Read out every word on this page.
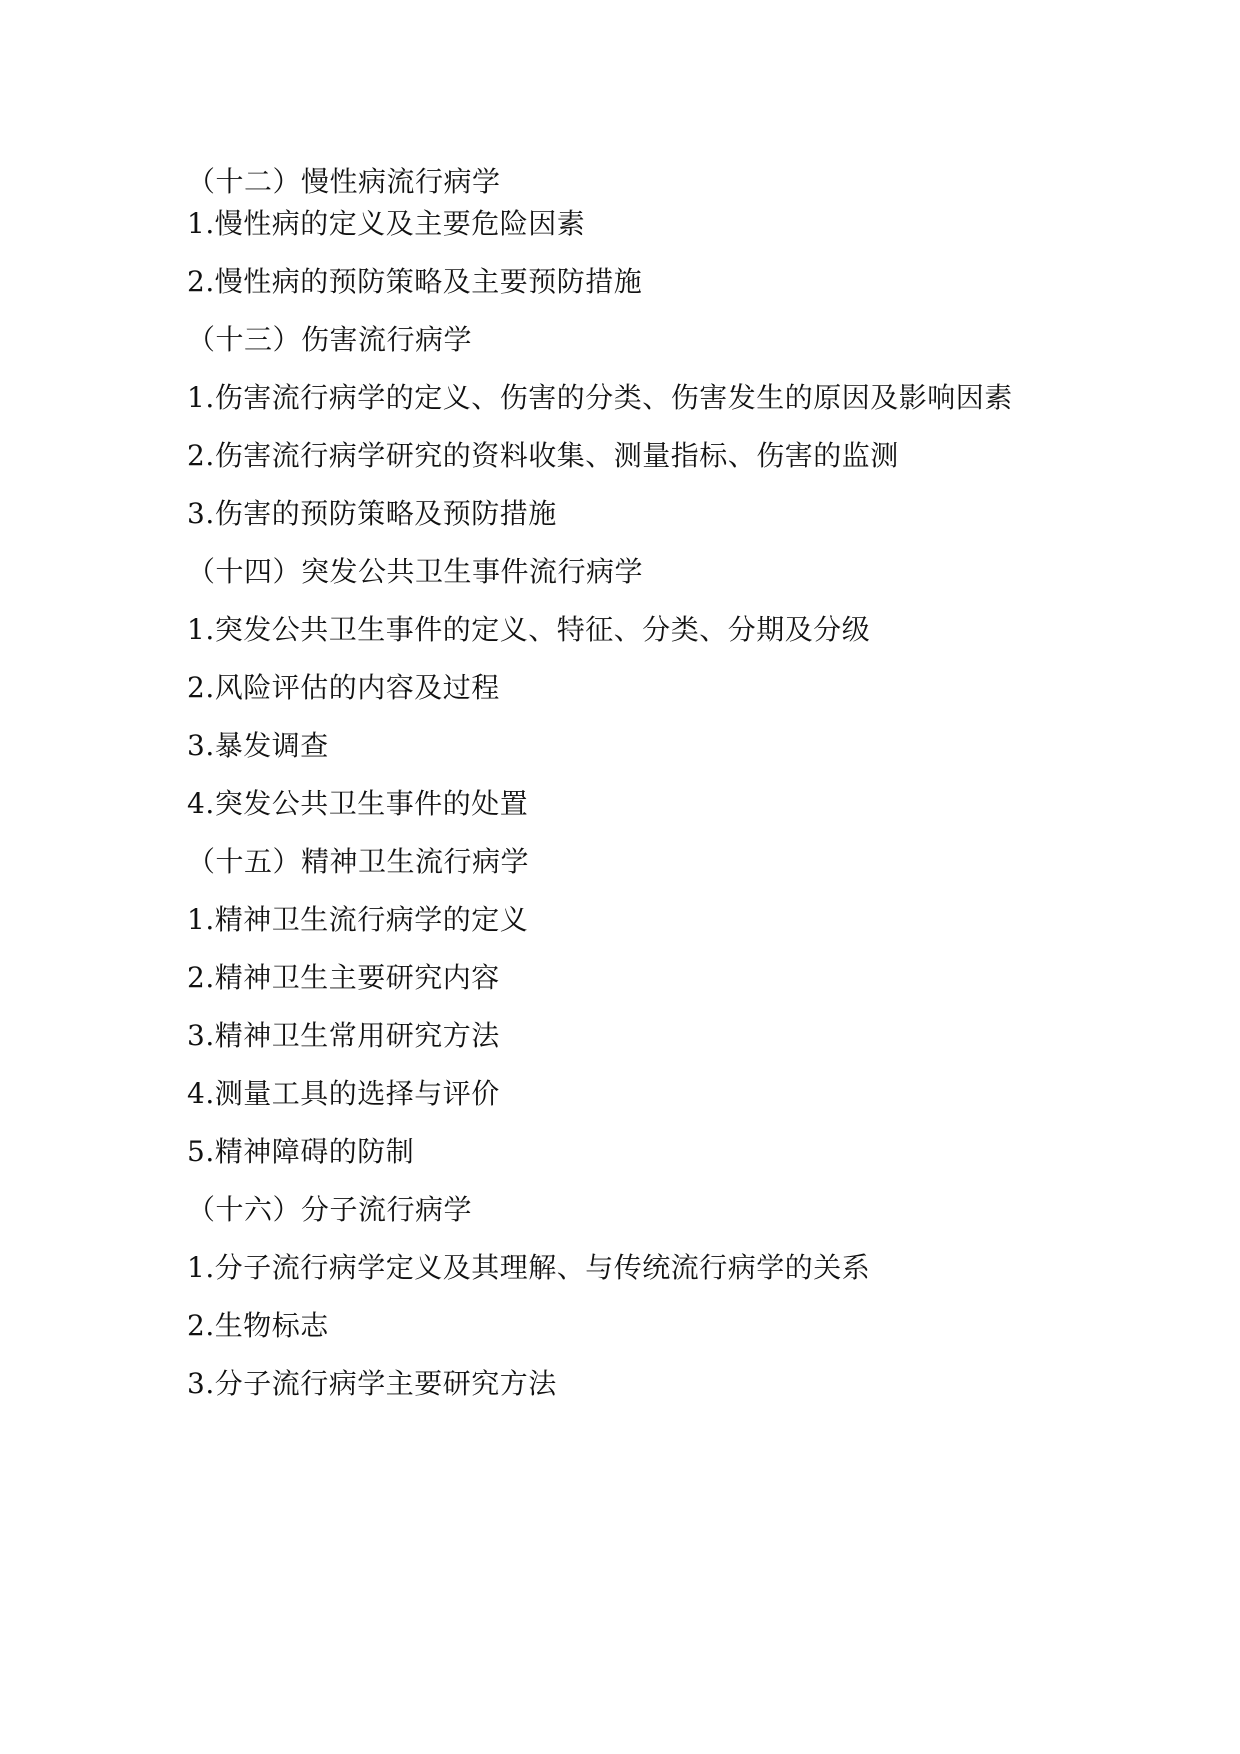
（十二）慢性病流行病学
1.慢性病的定义及主要危险因素
2.慢性病的预防策略及主要预防措施
（十三）伤害流行病学
1.伤害流行病学的定义、伤害的分类、伤害发生的原因及影响因素
2.伤害流行病学研究的资料收集、测量指标、伤害的监测
3.伤害的预防策略及预防措施
（十四）突发公共卫生事件流行病学
1.突发公共卫生事件的定义、特征、分类、分期及分级
2.风险评估的内容及过程
3.暴发调查
4.突发公共卫生事件的处置
（十五）精神卫生流行病学
1.精神卫生流行病学的定义
2.精神卫生主要研究内容
3.精神卫生常用研究方法
4.测量工具的选择与评价
5.精神障碍的防制
（十六）分子流行病学
1.分子流行病学定义及其理解、与传统流行病学的关系
2.生物标志
3.分子流行病学主要研究方法
